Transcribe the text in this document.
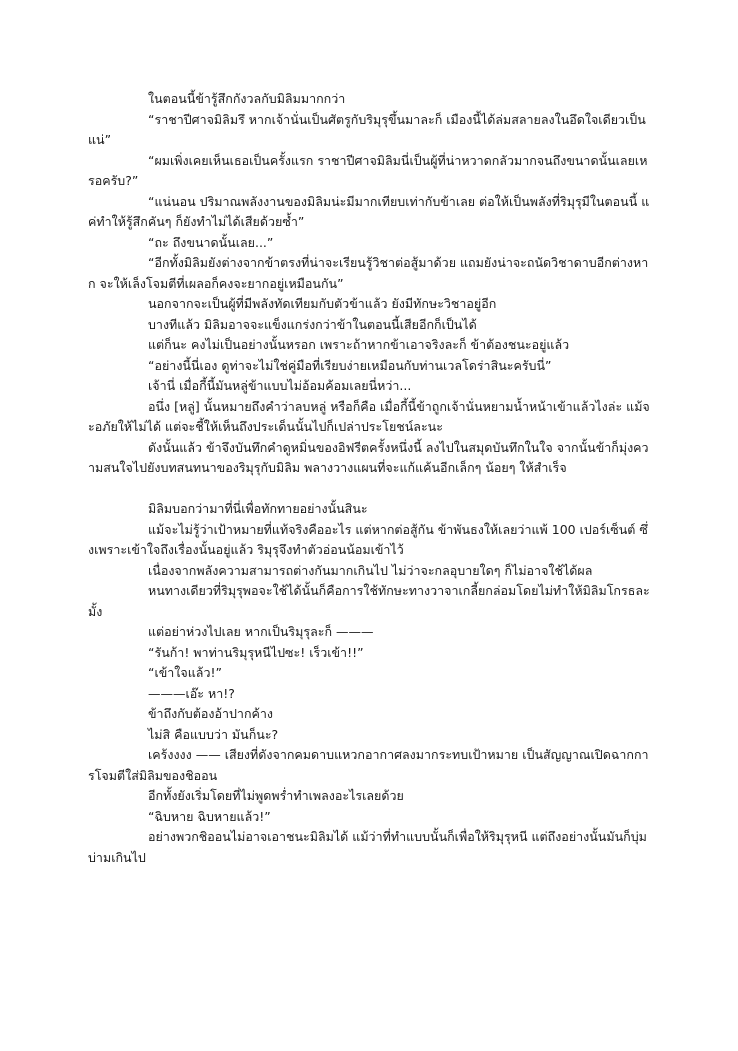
ในตอนนี้ข้ารู้สึกกังวลกับมิลิมมากกว่า

“ราชาปีศาจมิลิมรึ หากเจ้านั่นเป็นศัตรูกับริมุรุขึ้นมาละก็ เมืองนี้ได้ล่มสลายลงในอึดใจเดียวเป็นแน่”

“ผมเพิ่งเคยเห็นเธอเป็นครั้งแรก ราชาปีศาจมิลิมนี่เป็นผู้ที่น่าหวาดกลัวมากจนถึงขนาดนั้นเลยเหรอครับ?”

“แน่นอน ปริมาณพลังงานของมิลิมน่ะมีมากเทียบเท่ากับข้าเลย ต่อให้เป็นพลังที่ริมุรุมีในตอนนี้ แค่ทำให้รู้สึกคันๆ ก็ยังทำไม่ได้เสียด้วยซ้ำ”

“ถะ ถึงขนาดนั้นเลย...”

“อีกทั้งมิลิมยังต่างจากข้าตรงที่น่าจะเรียนรู้วิชาต่อสู้มาด้วย แถมยังน่าจะถนัดวิชาดาบอีกต่างหาก จะให้เล็งโจมตีที่เผลอก็คงจะยากอยู่เหมือนกัน”

นอกจากจะเป็นผู้ที่มีพลังทัดเทียมกับตัวข้าแล้ว ยังมีทักษะวิชาอยู่อีก

บางทีแล้ว มิลิมอาจจะแข็งแกร่งกว่าข้าในตอนนี้เสียอีกก็เป็นได้

แต่ก็นะ คงไม่เป็นอย่างนั้นหรอก เพราะถ้าหากข้าเอาจริงละก็ ข้าต้องชนะอยู่แล้ว

“อย่างนี้นี่เอง ดูท่าจะไม่ใช่คู่มือที่เรียบง่ายเหมือนกับท่านเวลโดร่าสินะครับนี่”

เจ้านี่ เมื่อกี้นี้มันหลู่ข้าแบบไม่อ้อมค้อมเลยนี่หว่า...

อนึ่ง [หลู่] นั้นหมายถึงคำว่าลบหลู่ หรือก็คือ เมื่อกี้นี้ข้าถูกเจ้านั่นหยามน้ำหน้าเข้าแล้วไงล่ะ แม้จะอภัยให้ไม่ได้ แต่จะชี้ให้เห็นถึงประเด็นนั้นไปก็เปล่าประโยชน์ละนะ

ดังนั้นแล้ว ข้าจึงบันทึกคำดูหมิ่นของอิฟรีตครั้งหนึ่งนี้ ลงไปในสมุดบันทึกในใจ จากนั้นข้าก็มุ่งความสนใจไปยังบทสนทนาของริมุรุกับมิลิม พลางวางแผนที่จะแก้แค้นอีกเล็กๆ น้อยๆ ให้สำเร็จ

มิลิมบอกว่ามาที่นี่เพื่อทักทายอย่างนั้นสินะ

แม้จะไม่รู้ว่าเป้าหมายที่แท้จริงคืออะไร แต่หากต่อสู้กัน ข้าพันธงให้เลยว่าแพ้ 100 เปอร์เซ็นต์ ซึ่งเพราะเข้าใจถึงเรื่องนั้นอยู่แล้ว ริมุรุจึงทำตัวอ่อนน้อมเข้าไว้

เนื่องจากพลังความสามารถต่างกันมากเกินไป ไม่ว่าจะกลอุบายใดๆ ก็ไม่อาจใช้ได้ผล

หนทางเดียวที่ริมุรุพอจะใช้ได้นั้นก็คือการใช้ทักษะทางวาจาเกลี้ยกล่อมโดยไม่ทำให้มิลิมโกรธละมั้ง

แต่อย่าห่วงไปเลย หากเป็นริมุรุละก็ ———

“รันก้า! พาท่านริมุรุหนีไปซะ! เร็วเข้า!!”

“เข้าใจแล้ว!”

———เอ๊ะ หา!?

ข้าถึงกับต้องอ้าปากค้าง

ไม่สิ คือแบบว่า มันก็นะ?

เคร้งงงง —— เสียงที่ดังจากคมดาบแหวกอากาศลงมากระทบเป้าหมาย เป็นสัญญาณเปิดฉากการโจมตีใส่มิลิมของชิออน

อีกทั้งยังเริ่มโดยที่ไม่พูดพร่ำทำเพลงอะไรเลยด้วย

“ฉิบหาย ฉิบหายแล้ว!”

อย่างพวกชิออนไม่อาจเอาชนะมิลิมได้ แม้ว่าที่ทำแบบนั้นก็เพื่อให้ริมุรุหนี แต่ถึงอย่างนั้นมันก็บุ่มบ่ามเกินไป
